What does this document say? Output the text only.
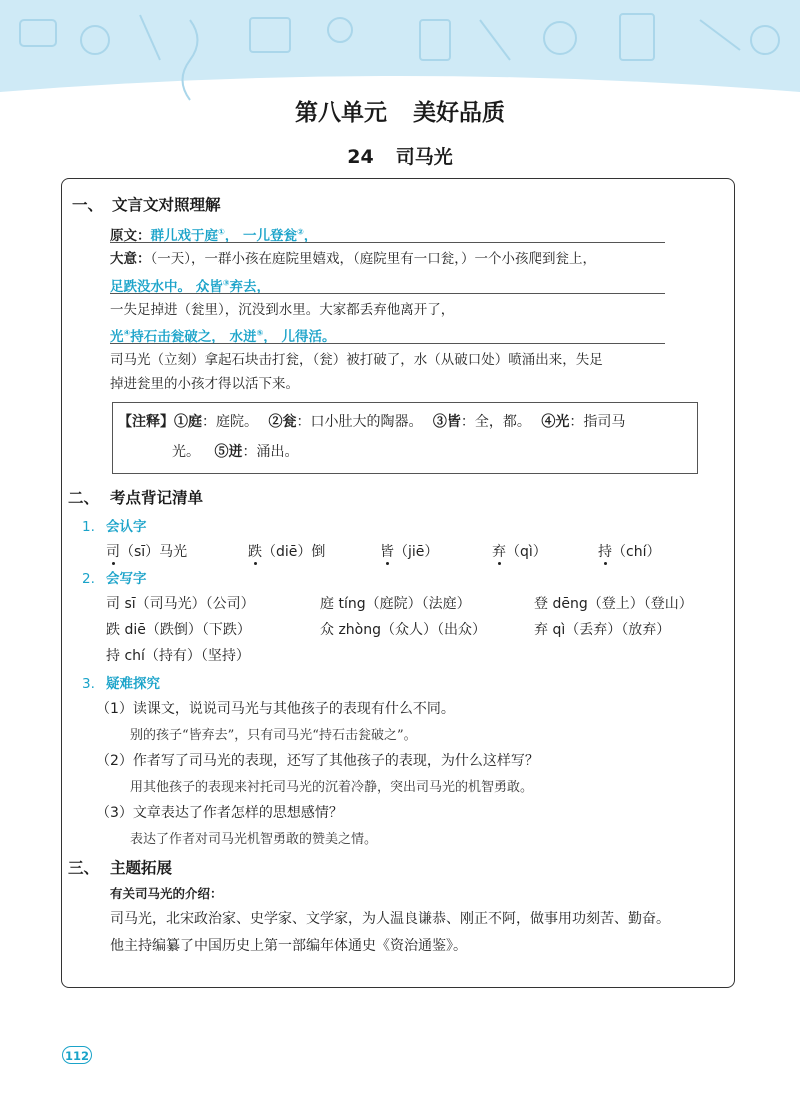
第八单元 美好品质
24 司马光
一、 文言文对照理解
原文：群儿戏于庭①， 一儿登瓮②，
大意：（一天），一群小孩在庭院里嬉戏，（庭院里有一口瓮，）一个小孩爬到瓮上，
足跌没水中。 众皆③弃去，
一失足掉进（瓮里），沉没到水里。大家都丢弃他离开了，
光④持石击瓮破之， 水迸⑤， 儿得活。
司马光（立刻）拿起石块击打瓮，（瓮）被打破了，水（从破口处）喷涌出来，失足
掉进瓮里的小孩才得以活下来。
【注释】①庭：庭院。 ②瓮：口小肚大的陶器。 ③皆：全，都。 ④光：指司马
光。 ⑤迸：涌出。
二、 考点背记清单
1. 会认字
司（sī）马光	跌（diē）倒	皆（jiē）	弃（qì）	持（chí）
2. 会写字
司 sī（司马光）（公司）	庭 tíng（庭院）（法庭）	登 dēng（登上）（登山）
跌 diē（跌倒）（下跌）	众 zhòng（众人）（出众）	弃 qì（丢弃）（放弃）
持 chí（持有）（坚持）
3. 疑难探究
（1）读课文，说说司马光与其他孩子的表现有什么不同。
别的孩子“皆弃去”，只有司马光“持石击瓮破之”。
（2）作者写了司马光的表现，还写了其他孩子的表现，为什么这样写？
用其他孩子的表现来衬托司马光的沉着冷静，突出司马光的机智勇敢。
（3）文章表达了作者怎样的思想感情？
表达了作者对司马光机智勇敢的赞美之情。
三、 主题拓展
有关司马光的介绍：
司马光，北宋政治家、史学家、文学家，为人温良谦恭、刚正不阿，做事用功刻苦、勤奋。
他主持编纂了中国历史上第一部编年体通史《资治通鉴》。
112
